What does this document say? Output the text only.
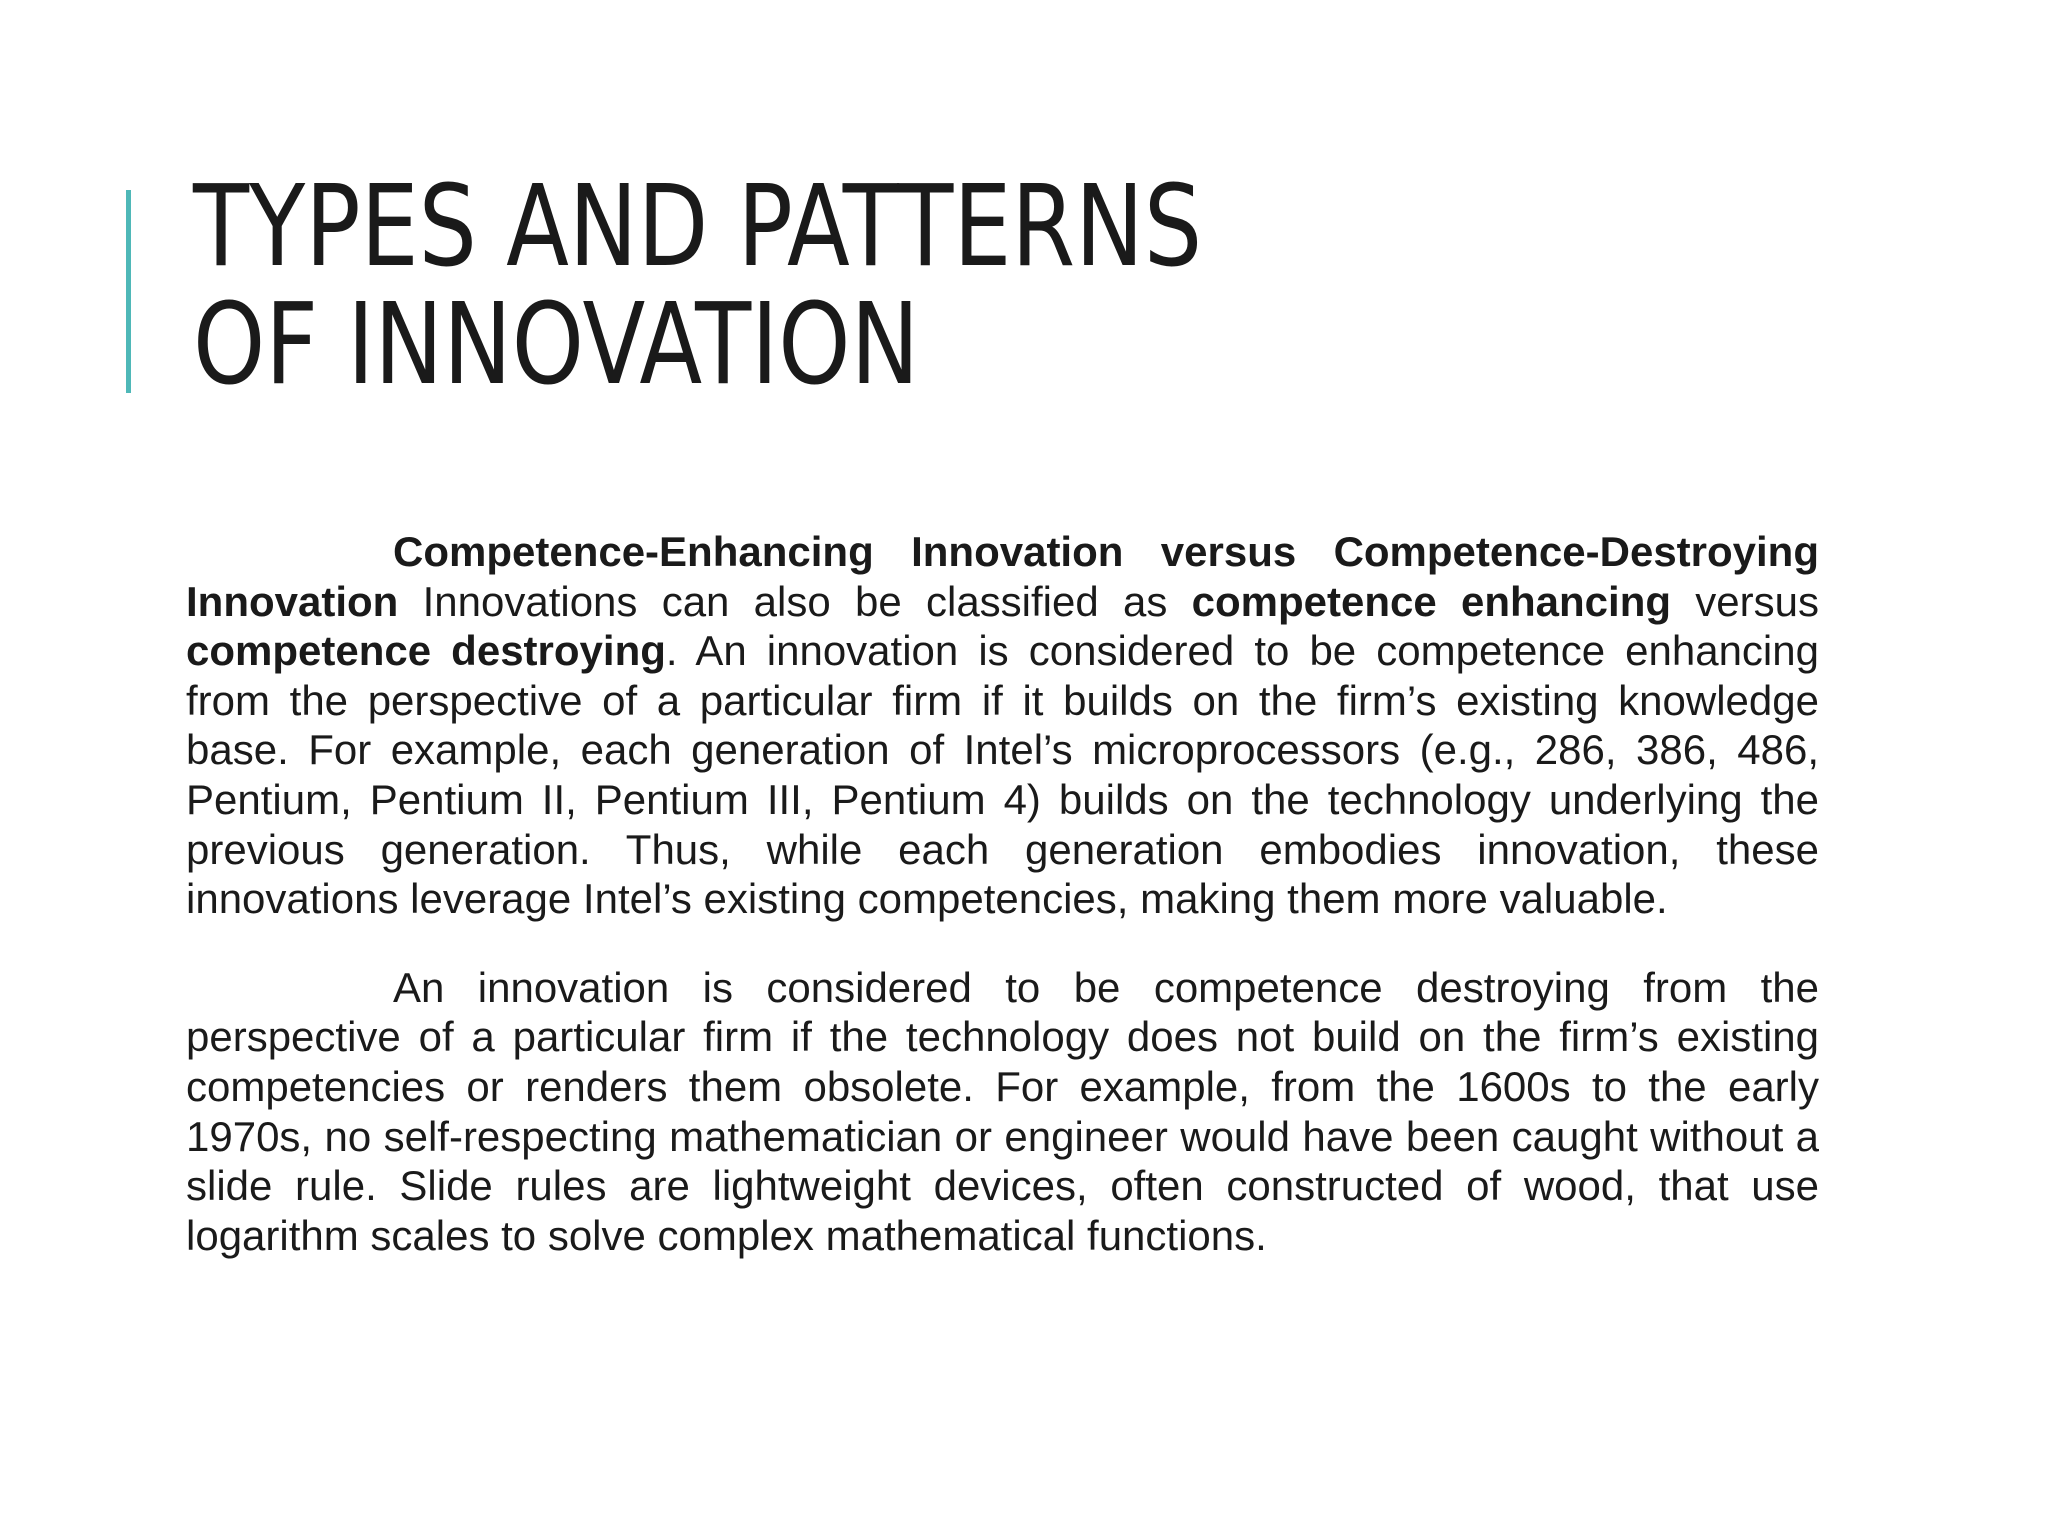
TYPES AND PATTERNS
OF INNOVATION

Competence-Enhancing Innovation versus Competence-Destroying Innovation Innovations can also be classified as competence enhancing versus competence destroying. An innovation is considered to be competence enhancing from the perspective of a particular firm if it builds on the firm’s existing knowledge base. For example, each generation of Intel’s microprocessors (e.g., 286, 386, 486, Pentium, Pentium II, Pentium III, Pentium 4) builds on the technology underlying the previous generation. Thus, while each generation embodies innovation, these innovations leverage Intel’s existing competencies, making them more valuable.

An innovation is considered to be competence destroying from the perspective of a particular firm if the technology does not build on the firm’s existing competencies or renders them obsolete. For example, from the 1600s to the early 1970s, no self-respecting mathematician or engineer would have been caught without a slide rule. Slide rules are lightweight devices, often constructed of wood, that use logarithm scales to solve complex mathematical functions.
